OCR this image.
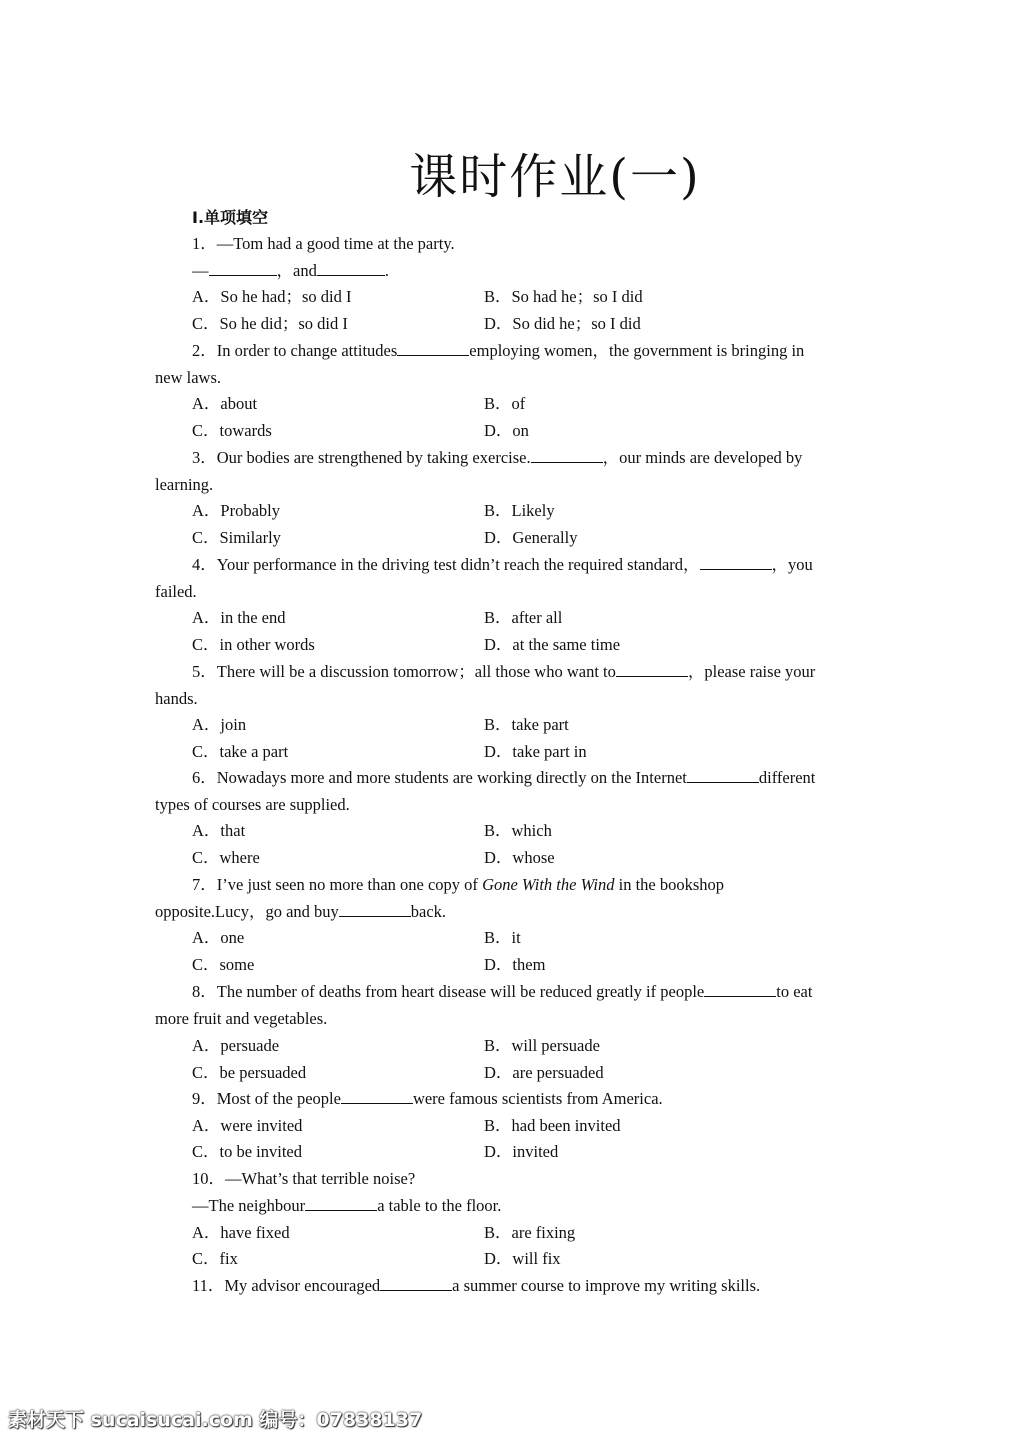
课时作业(一)
Ⅰ.单项填空
1．—Tom had a good time at the party.
—	，and	.
A．So he had；so did I	B．So had he；so I did
C．So he did；so did I	D．So did he；so I did
2．In order to change attitudes	employing women，the government is bringing in
new laws.
A．about	B．of
C．towards	D．on
3．Our bodies are strengthened by taking exercise.	，our minds are developed by
learning.
A．Probably	B．Likely
C．Similarly	D．Generally
4．Your performance in the driving test didn’t reach the required standard，	，you
failed.
A．in the end	B．after all
C．in other words	D．at the same time
5．There will be a discussion tomorrow；all those who want to	，please raise your
hands.
A．join	B．take part
C．take a part	D．take part in
6．Nowadays more and more students are working directly on the Internet	different
types of courses are supplied.
A．that	B．which
C．where	D．whose
7．I’ve just seen no more than one copy of Gone With the Wind in the bookshop
opposite.Lucy，go and buy	back.
A．one	B．it
C．some	D．them
8．The number of deaths from heart disease will be reduced greatly if people	to eat
more fruit and vegetables.
A．persuade	B．will persuade
C．be persuaded	D．are persuaded
9．Most of the people	were famous scientists from America.
A．were invited	B．had been invited
C．to be invited	D．invited
10．—What’s that terrible noise?
—The neighbour	a table to the floor.
A．have fixed	B．are fixing
C．fix	D．will fix
11．My advisor encouraged	a summer course to improve my writing skills.
素材天下 sucaisucai.com 编号：07838137
